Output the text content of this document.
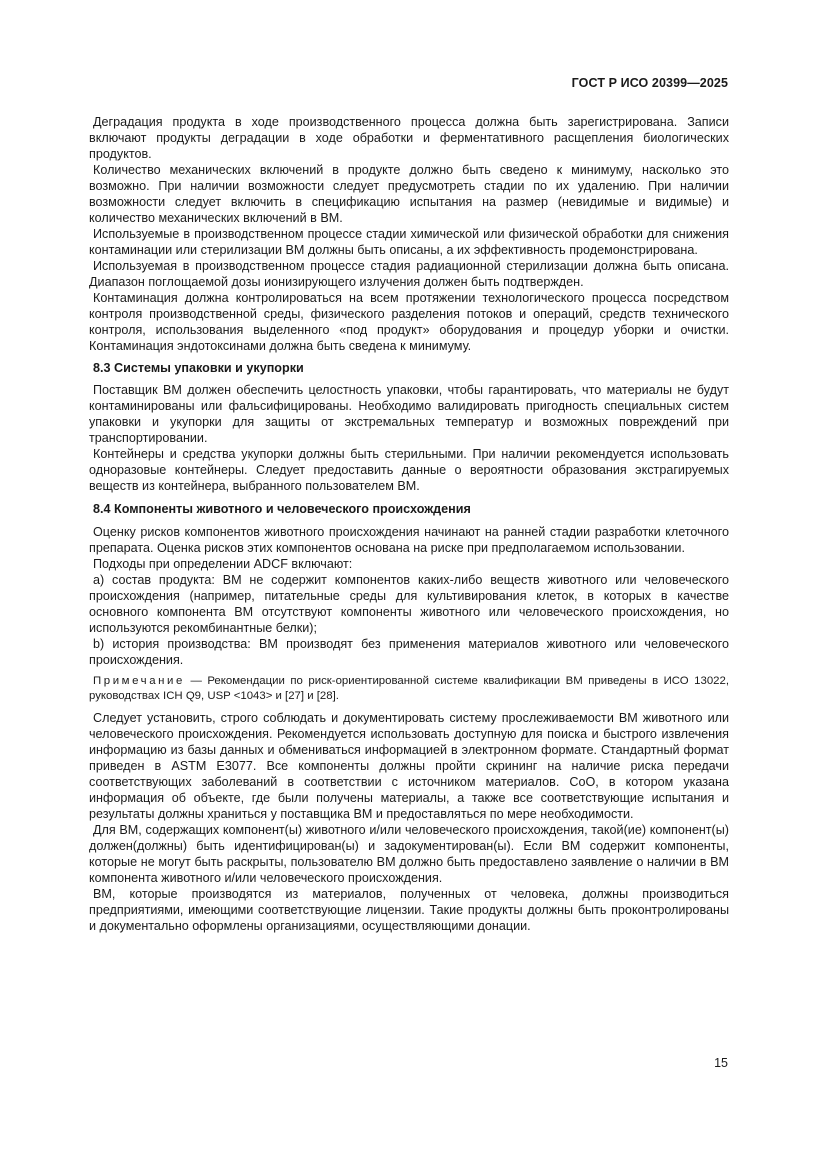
ГОСТ Р ИСО 20399—2025

Деградация продукта в ходе производственного процесса должна быть зарегистрирована. Записи включают продукты деградации в ходе обработки и ферментативного расщепления биологических продуктов.

Количество механических включений в продукте должно быть сведено к минимуму, насколько это возможно. При наличии возможности следует предусмотреть стадии по их удалению. При наличии возможности следует включить в спецификацию испытания на размер (невидимые и видимые) и количество механических включений в ВМ.

Используемые в производственном процессе стадии химической или физической обработки для снижения контаминации или стерилизации ВМ должны быть описаны, а их эффективность продемонстрирована.

Используемая в производственном процессе стадия радиационной стерилизации должна быть описана. Диапазон поглощаемой дозы ионизирующего излучения должен быть подтвержден.

Контаминация должна контролироваться на всем протяжении технологического процесса посредством контроля производственной среды, физического разделения потоков и операций, средств технического контроля, использования выделенного «под продукт» оборудования и процедур уборки и очистки. Контаминация эндотоксинами должна быть сведена к минимуму.

8.3 Системы упаковки и укупорки

Поставщик ВМ должен обеспечить целостность упаковки, чтобы гарантировать, что материалы не будут контаминированы или фальсифицированы. Необходимо валидировать пригодность специальных систем упаковки и укупорки для защиты от экстремальных температур и возможных повреждений при транспортировании.

Контейнеры и средства укупорки должны быть стерильными. При наличии рекомендуется использовать одноразовые контейнеры. Следует предоставить данные о вероятности образования экстрагируемых веществ из контейнера, выбранного пользователем ВМ.

8.4 Компоненты животного и человеческого происхождения

Оценку рисков компонентов животного происхождения начинают на ранней стадии разработки клеточного препарата. Оценка рисков этих компонентов основана на риске при предполагаемом использовании.

Подходы при определении ADCF включают:

а) состав продукта: ВМ не содержит компонентов каких-либо веществ животного или человеческого происхождения (например, питательные среды для культивирования клеток, в которых в качестве основного компонента ВМ отсутствуют компоненты животного или человеческого происхождения, но используются рекомбинантные белки);

b) история производства: ВМ производят без применения материалов животного или человеческого происхождения.

Примечание — Рекомендации по риск-ориентированной системе квалификации ВМ приведены в ИСО 13022, руководствах ICH Q9, USP <1043> и [27] и [28].

Следует установить, строго соблюдать и документировать систему прослеживаемости ВМ животного или человеческого происхождения. Рекомендуется использовать доступную для поиска и быстрого извлечения информацию из базы данных и обмениваться информацией в электронном формате. Стандартный формат приведен в ASTM E3077. Все компоненты должны пройти скрининг на наличие риска передачи соответствующих заболеваний в соответствии с источником материалов. CoO, в котором указана информация об объекте, где были получены материалы, а также все соответствующие испытания и результаты должны храниться у поставщика ВМ и предоставляться по мере необходимости.

Для ВМ, содержащих компонент(ы) животного и/или человеческого происхождения, такой(ие) компонент(ы) должен(должны) быть идентифицирован(ы) и задокументирован(ы). Если ВМ содержит компоненты, которые не могут быть раскрыты, пользователю ВМ должно быть предоставлено заявление о наличии в ВМ компонента животного и/или человеческого происхождения.

ВМ, которые производятся из материалов, полученных от человека, должны производиться предприятиями, имеющими соответствующие лицензии. Такие продукты должны быть проконтролированы и документально оформлены организациями, осуществляющими донации.

15
